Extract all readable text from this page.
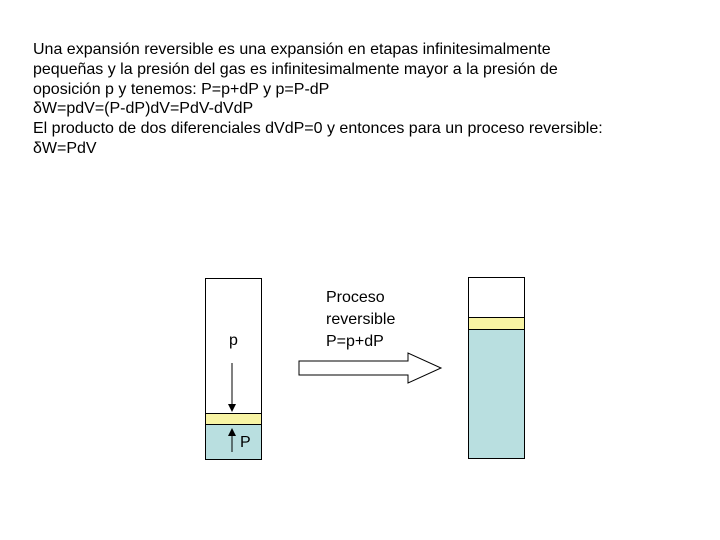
Una expansión reversible es una expansión en etapas infinitesimalmente
pequeñas y la presión del gas es infinitesimalmente mayor a la presión de
oposición p y tenemos: P=p+dP y p=P-dP
δW=pdV=(P-dP)dV=PdV-dVdP
El producto de dos diferenciales dVdP=0 y entonces para un proceso reversible:
δW=PdV
p
P
Proceso
reversible
P=p+dP
